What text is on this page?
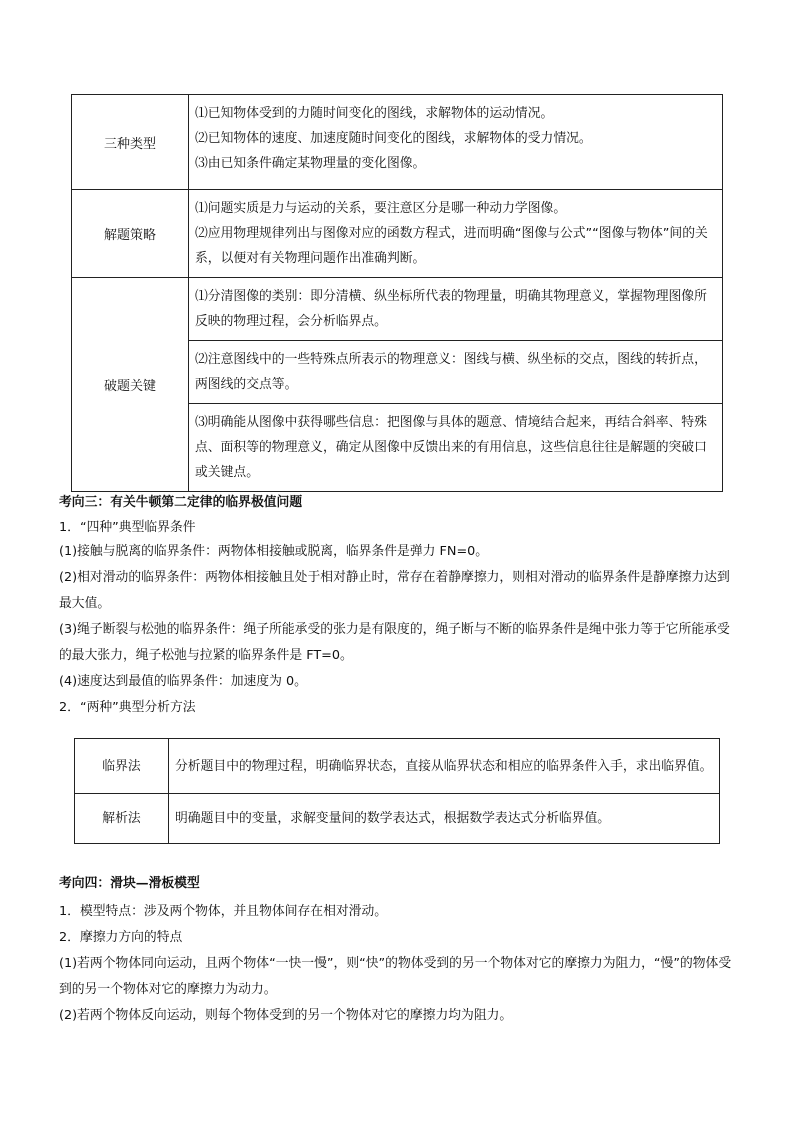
三种类型	⑴已知物体受到的力随时间变化的图线，求解物体的运动情况。
⑵已知物体的速度、加速度随时间变化的图线，求解物体的受力情况。
⑶由已知条件确定某物理量的变化图像。

解题策略	⑴问题实质是力与运动的关系，要注意区分是哪一种动力学图像。
⑵应用物理规律列出与图像对应的函数方程式，进而明确“图像与公式”“图像与物体”间的关系，以便对有关物理问题作出准确判断。

破题关键	⑴分清图像的类别：即分清横、纵坐标所代表的物理量，明确其物理意义，掌握物理图像所反映的物理过程，会分析临界点。
	⑵注意图线中的一些特殊点所表示的物理意义：图线与横、纵坐标的交点，图线的转折点，两图线的交点等。
	⑶明确能从图像中获得哪些信息：把图像与具体的题意、情境结合起来，再结合斜率、特殊点、面积等的物理意义，确定从图像中反馈出来的有用信息，这些信息往往是解题的突破口或关键点。

考向三：有关牛顿第二定律的临界极值问题

1．“四种”典型临界条件

(1)接触与脱离的临界条件：两物体相接触或脱离，临界条件是弹力 FN=0。

(2)相对滑动的临界条件：两物体相接触且处于相对静止时，常存在着静摩擦力，则相对滑动的临界条件是静摩擦力达到最大值。

(3)绳子断裂与松弛的临界条件：绳子所能承受的张力是有限度的，绳子断与不断的临界条件是绳中张力等于它所能承受的最大张力，绳子松弛与拉紧的临界条件是 FT=0。

(4)速度达到最值的临界条件：加速度为 0。

2．“两种”典型分析方法

临界法	分析题目中的物理过程，明确临界状态，直接从临界状态和相应的临界条件入手，求出临界值。
解析法	明确题目中的变量，求解变量间的数学表达式，根据数学表达式分析临界值。

考向四：滑块—滑板模型

1．模型特点：涉及两个物体，并且物体间存在相对滑动。

2．摩擦力方向的特点

(1)若两个物体同向运动，且两个物体“一快一慢”，则“快”的物体受到的另一个物体对它的摩擦力为阻力，“慢”的物体受到的另一个物体对它的摩擦力为动力。

(2)若两个物体反向运动，则每个物体受到的另一个物体对它的摩擦力均为阻力。
